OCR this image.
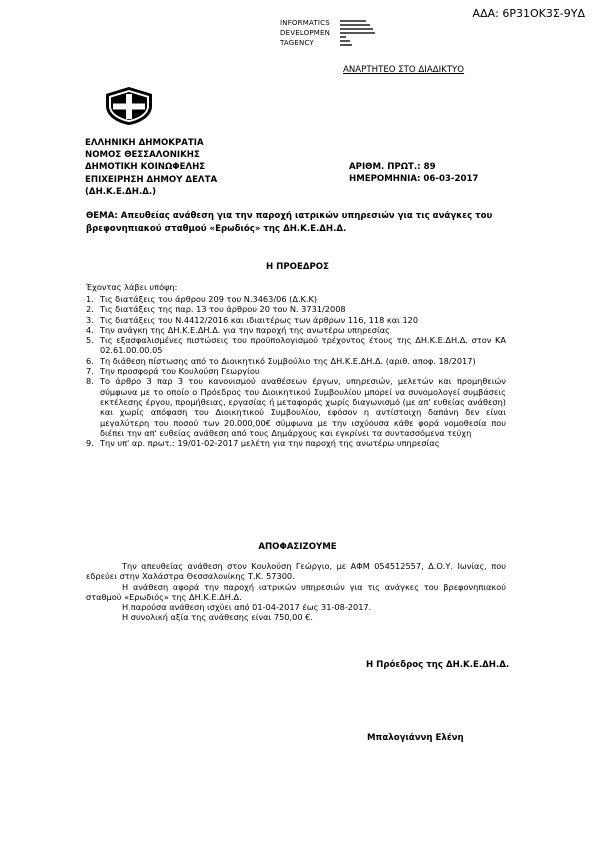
ΑΔΑ: 6Ρ31ΟΚ3Σ-9ΥΔ
INFORMATICS
DEVELOPMEN
TAGENCY
ΑΝΑΡΤΗΤΕΟ ΣΤΟ ΔΙΑΔΙΚΤΥΟ
ΕΛΛΗΝΙΚΗ ΔΗΜΟΚΡΑΤΙΑ
ΝΟΜΟΣ ΘΕΣΣΑΛΟΝΙΚΗΣ
ΔΗΜΟΤΙΚΗ ΚΟΙΝΩΦΕΛΗΣ
ΕΠΙΧΕΙΡΗΣΗ ΔΗΜΟΥ ΔΕΛΤΑ
(ΔΗ.Κ.Ε.ΔΗ.Δ.)
ΑΡΙΘΜ. ΠΡΩΤ.: 89
ΗΜΕΡΟΜΗΝΙΑ: 06-03-2017
ΘΕΜΑ: Απευθείας ανάθεση για την παροχή ιατρικών υπηρεσιών για τις ανάγκες του βρεφονηπιακού σταθμού «Ερωδιός» της ΔΗ.Κ.Ε.ΔΗ.Δ.
Η ΠΡΟΕΔΡΟΣ
Έχοντας λάβει υπόψη:
1. Τις διατάξεις του άρθρου 209 του Ν.3463/06 (Δ.Κ.Κ)
2. Τις διατάξεις της παρ. 13 του άρθρου 20 του Ν. 3731/2008
3. Τις διατάξεις του Ν.4412/2016 και ιδιαιτέρως των άρθρων 116, 118 και 120
4. Την ανάγκη της ΔΗ.Κ.Ε.ΔΗ.Δ. για την παροχή της ανωτέρω υπηρεσίας
5. Τις εξασφαλισμένες πιστώσεις του προϋπολογισμού τρέχοντος έτους της ΔΗ.Κ.Ε.ΔΗ.Δ. στον ΚΑ 02.61.00.00.05
6. Τη διάθεση πίστωσης από το Διοικητικό Συμβούλιο της ΔΗ.Κ.Ε.ΔΗ.Δ. (αριθ. αποφ. 18/2017)
7. Την προσφορά του Κουλούση Γεωργίου
8. Το άρθρο 3 παρ 3 του κανονισμού αναθέσεων έργων, υπηρεσιών, μελετών και προμηθειών σύμφωνα με το οποίο ο Πρόεδρος του Διοικητικού Συμβουλίου μπορεί να συνομολογεί συμβάσεις εκτέλεσης έργου, προμήθειας, εργασίας ή μεταφοράς χωρίς διαγωνισμό (με απ' ευθείας ανάθεση) και χωρίς απόφαση του Διοικητικού Συμβουλίου, εφόσον η αντίστοιχη δαπάνη δεν είναι μεγαλύτερη του ποσού των 20.000,00€ σύμφωνα με την ισχύουσα κάθε φορά νομοθεσία που διέπει την απ' ευθείας ανάθεση από τους Δημάρχους και εγκρίνει τα συντασσόμενα τεύχη
9. Την υπ' αρ. πρωτ.: 19/01-02-2017 μελέτη για την παροχή της ανωτέρω υπηρεσίας
ΑΠΟΦΑΣΙΖΟΥΜΕ

Την απευθείας ανάθεση στον Κουλούση Γεώργιο, με ΑΦΜ 054512557, Δ.Ο.Υ. Ιωνίας, που εδρεύει στην Χαλάστρα Θεσσαλονίκης Τ.Κ. 57300.

Η ανάθεση αφορά την παροχή ιατρικών υπηρεσιών για τις ανάγκες του βρεφονηπιακού σταθμού «Ερωδιός» της ΔΗ.Κ.Ε.ΔΗ.Δ.

Η παρούσα ανάθεση ισχύει από 01-04-2017 έως 31-08-2017.

Η συνολική αξία της ανάθεσης είναι 750,00 €.

Η Πρόεδρος της ΔΗ.Κ.Ε.ΔΗ.Δ.
Μπαλογιάννη Ελένη
